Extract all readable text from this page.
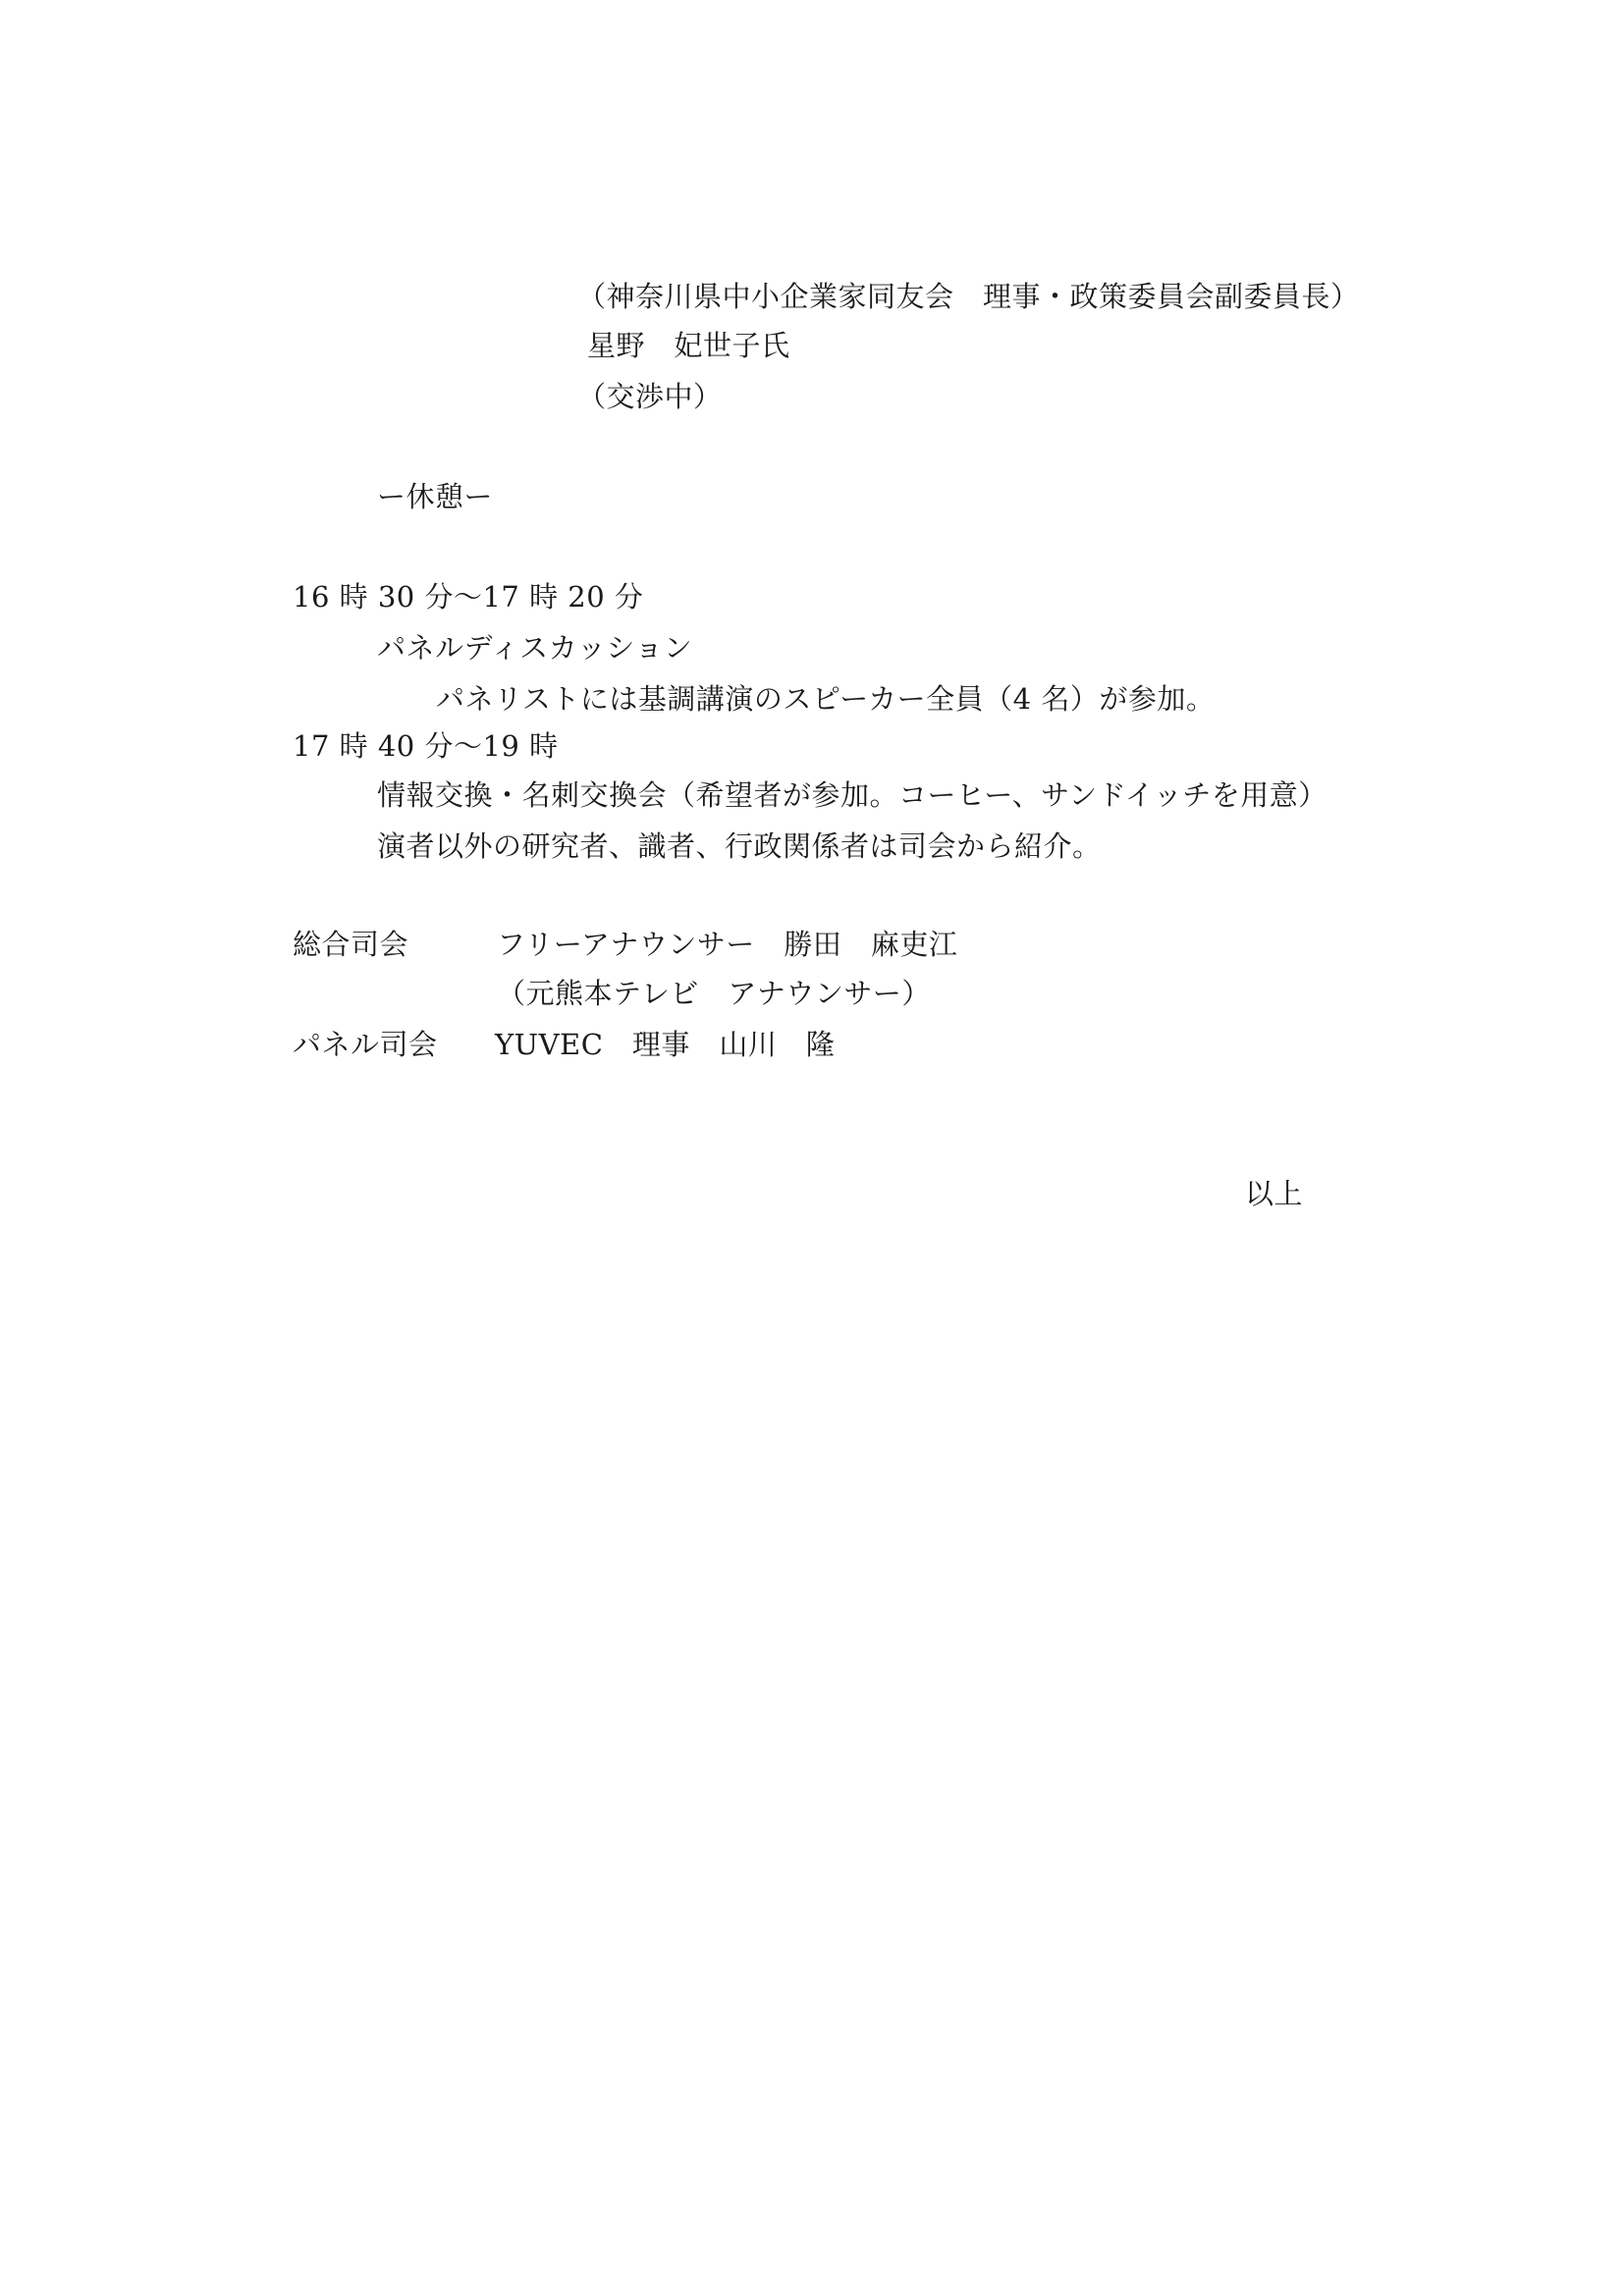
（神奈川県中小企業家同友会　理事・政策委員会副委員長）
星野　妃世子氏
（交渉中）
ー休憩ー
16 時 30 分～17 時 20 分
パネルディスカッション
パネリストには基調講演のスピーカー全員（4 名）が参加。
17 時 40 分～19 時
情報交換・名刺交換会（希望者が参加。コーヒー、サンドイッチを用意）
演者以外の研究者、識者、行政関係者は司会から紹介。
総合司会	フリーアナウンサー　勝田　麻吏江
（元熊本テレビ　アナウンサー）
パネル司会 YUVEC　理事　山川　隆
以上
